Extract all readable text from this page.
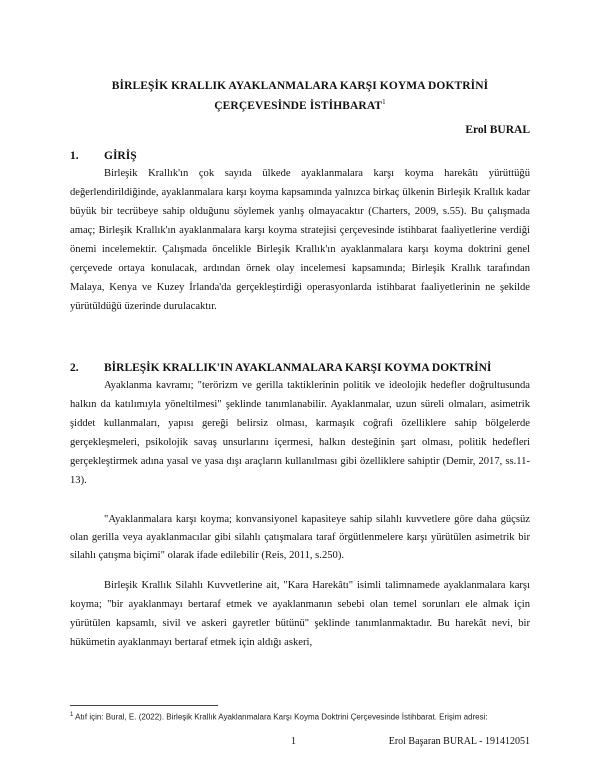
BİRLEŞİK KRALLIK AYAKLANMALARA KARŞI KOYMA DOKTRİNİ
ÇERÇEVESİNDE İSTİHBARAT$^1$
Erol BURAL
1. GİRİŞ

Birleşik Krallık'ın çok sayıda ülkede ayaklanmalara karşı koyma harekâtı yürüttüğü değerlendirildiğinde, ayaklanmalara karşı koyma kapsamında yalnızca birkaç ülkenin Birleşik Krallık kadar büyük bir tecrübeye sahip olduğunu söylemek yanlış olmayacaktır (Charters, 2009, s.55). Bu çalışmada amaç; Birleşik Krallık'ın ayaklanmalara karşı koyma stratejisi çerçevesinde istihbarat faaliyetlerine verdiği önemi incelemektir. Çalışmada öncelikle Birleşik Krallık'ın ayaklanmalara karşı koyma doktrini genel çerçevede ortaya konulacak, ardından örnek olay incelemesi kapsamında; Birleşik Krallık tarafından Malaya, Kenya ve Kuzey İrlanda'da gerçekleştirdiği operasyonlarda istihbarat faaliyetlerinin ne şekilde yürütüldüğü üzerinde durulacaktır.

2. BİRLEŞİK KRALLIK'IN AYAKLANMALARA KARŞI KOYMA DOKTRİNİ

Ayaklanma kavramı; "terörizm ve gerilla taktiklerinin politik ve ideolojik hedefler doğrultusunda halkın da katılımıyla yöneltilmesi" şeklinde tanımlanabilir. Ayaklanmalar, uzun süreli olmaları, asimetrik şiddet kullanmaları, yapısı gereği belirsiz olması, karmaşık coğrafi özelliklere sahip bölgelerde gerçekleşmeleri, psikolojik savaş unsurlarını içermesi, halkın desteğinin şart olması, politik hedefleri gerçekleştirmek adına yasal ve yasa dışı araçların kullanılması gibi özelliklere sahiptir (Demir, 2017, ss.11-13).

"Ayaklanmalara karşı koyma; konvansiyonel kapasiteye sahip silahlı kuvvetlere göre daha güçsüz olan gerilla veya ayaklanmacılar gibi silahlı çatışmalara taraf örgütlenmelere karşı yürütülen asimetrik bir silahlı çatışma biçimi" olarak ifade edilebilir (Reis, 2011, s.250).

Birleşik Krallık Silahlı Kuvvetlerine ait, "Kara Harekâtı" isimli talimnamede ayaklanmalara karşı koyma; "bir ayaklanmayı bertaraf etmek ve ayaklanmanın sebebi olan temel sorunları ele almak için yürütülen kapsamlı, sivil ve askeri gayretler bütünü" şeklinde tanımlanmaktadır. Bu harekât nevi, bir hükümetin ayaklanmayı bertaraf etmek için aldığı askeri,

$^1$ Atıf için: Bural, E. (2022). Birleşik Krallık Ayaklanmalara Karşı Koyma Doktrini Çerçevesinde İstihbarat. Erişim adresi:
1	Erol Başaran BURAL - 191412051
